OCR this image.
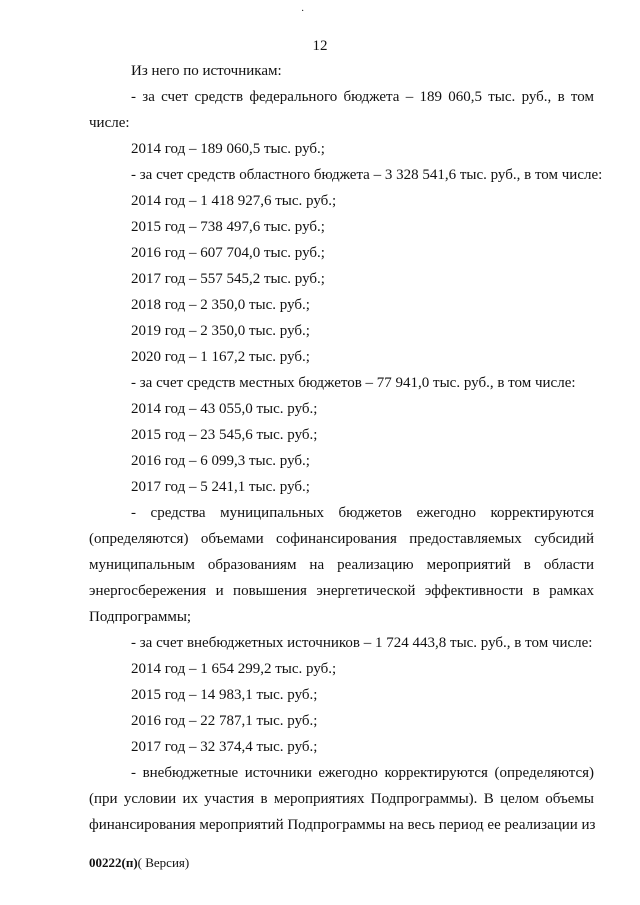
·
12
Из него по источникам:
- за счет средств федерального бюджета – 189 060,5 тыс. руб., в том
числе:
2014 год – 189 060,5 тыс. руб.;
- за счет средств областного бюджета – 3 328 541,6 тыс. руб., в том числе:
2014 год – 1 418 927,6 тыс. руб.;
2015 год – 738 497,6 тыс. руб.;
2016 год – 607 704,0 тыс. руб.;
2017 год – 557 545,2 тыс. руб.;
2018 год – 2 350,0 тыс. руб.;
2019 год – 2 350,0 тыс. руб.;
2020 год – 1 167,2 тыс. руб.;
- за счет средств местных бюджетов – 77 941,0 тыс. руб., в том числе:
2014 год – 43 055,0 тыс. руб.;
2015 год – 23 545,6 тыс. руб.;
2016 год – 6 099,3 тыс. руб.;
2017 год – 5 241,1 тыс. руб.;
- средства муниципальных бюджетов ежегодно корректируются
(определяются) объемами софинансирования предоставляемых субсидий
муниципальным образованиям на реализацию мероприятий в области
энергосбережения и повышения энергетической эффективности в рамках
Подпрограммы;
- за счет внебюджетных источников – 1 724 443,8 тыс. руб., в том числе:
2014 год – 1 654 299,2 тыс. руб.;
2015 год – 14 983,1 тыс. руб.;
2016 год – 22 787,1 тыс. руб.;
2017 год – 32 374,4 тыс. руб.;
- внебюджетные источники ежегодно корректируются (определяются)
(при условии их участия в мероприятиях Подпрограммы). В целом объемы
финансирования мероприятий Подпрограммы на весь период ее реализации из
00222(п)( Версия)
